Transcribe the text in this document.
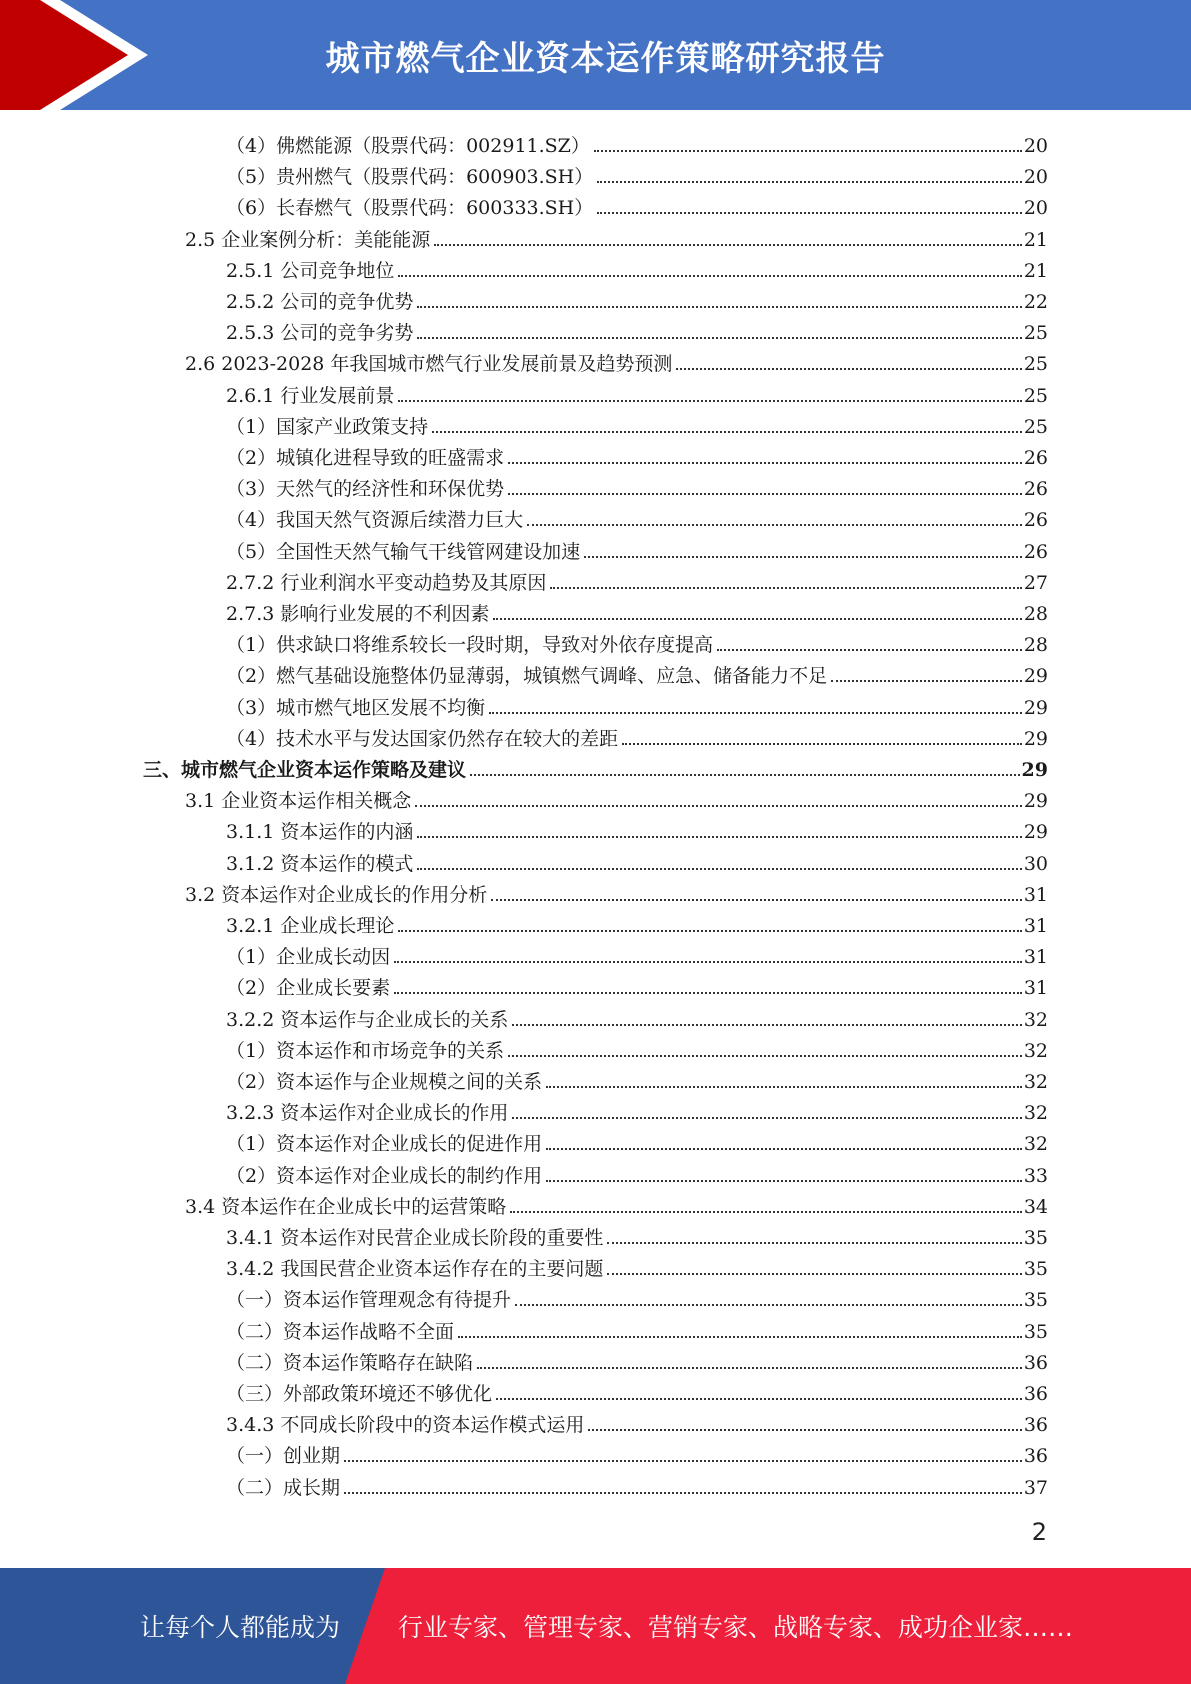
城市燃气企业资本运作策略研究报告
（4）佛燃能源（股票代码：002911.SZ）	20
（5）贵州燃气（股票代码：600903.SH）	20
（6）长春燃气（股票代码：600333.SH）	20
2.5 企业案例分析：美能能源	21
2.5.1 公司竞争地位	21
2.5.2 公司的竞争优势	22
2.5.3 公司的竞争劣势	25
2.6 2023-2028 年我国城市燃气行业发展前景及趋势预测	25
2.6.1 行业发展前景	25
（1）国家产业政策支持	25
（2）城镇化进程导致的旺盛需求	26
（3）天然气的经济性和环保优势	26
（4）我国天然气资源后续潜力巨大	26
（5）全国性天然气输气干线管网建设加速	26
2.7.2 行业利润水平变动趋势及其原因	27
2.7.3 影响行业发展的不利因素	28
（1）供求缺口将维系较长一段时期，导致对外依存度提高	28
（2）燃气基础设施整体仍显薄弱，城镇燃气调峰、应急、储备能力不足	29
（3）城市燃气地区发展不均衡	29
（4）技术水平与发达国家仍然存在较大的差距	29
三、城市燃气企业资本运作策略及建议	29
3.1 企业资本运作相关概念	29
3.1.1 资本运作的内涵	29
3.1.2 资本运作的模式	30
3.2 资本运作对企业成长的作用分析	31
3.2.1 企业成长理论	31
（1）企业成长动因	31
（2）企业成长要素	31
3.2.2 资本运作与企业成长的关系	32
（1）资本运作和市场竞争的关系	32
（2）资本运作与企业规模之间的关系	32
3.2.3 资本运作对企业成长的作用	32
（1）资本运作对企业成长的促进作用	32
（2）资本运作对企业成长的制约作用	33
3.4 资本运作在企业成长中的运营策略	34
3.4.1 资本运作对民营企业成长阶段的重要性	35
3.4.2 我国民营企业资本运作存在的主要问题	35
（一）资本运作管理观念有待提升	35
（二）资本运作战略不全面	35
（二）资本运作策略存在缺陷	36
（三）外部政策环境还不够优化	36
3.4.3 不同成长阶段中的资本运作模式运用	36
（一）创业期	36
（二）成长期	37
2
让每个人都能成为 行业专家、管理专家、营销专家、战略专家、成功企业家……
